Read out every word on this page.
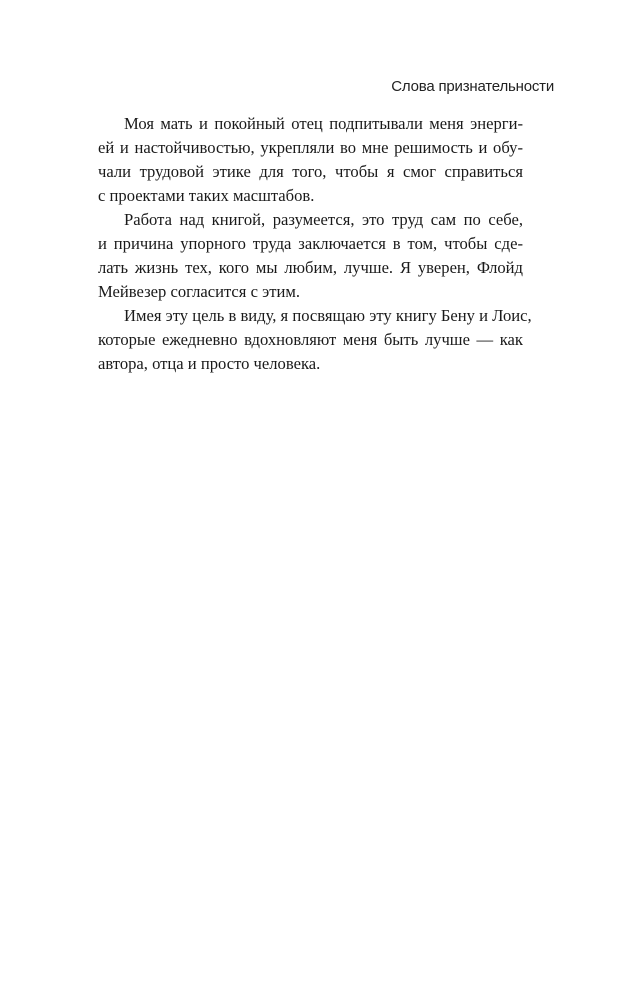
Слова признательности
Моя мать и покойный отец подпитывали меня энерги-
ей и настойчивостью, укрепляли во мне решимость и обу-
чали трудовой этике для того, чтобы я смог справиться
с проектами таких масштабов.
Работа над книгой, разумеется, это труд сам по себе,
и причина упорного труда заключается в том, чтобы сде-
лать жизнь тех, кого мы любим, лучше. Я уверен, Флойд
Мейвезер согласится с этим.
Имея эту цель в виду, я посвящаю эту книгу Бену и Лоис,
которые ежедневно вдохновляют меня быть лучше — как
автора, отца и просто человека.
